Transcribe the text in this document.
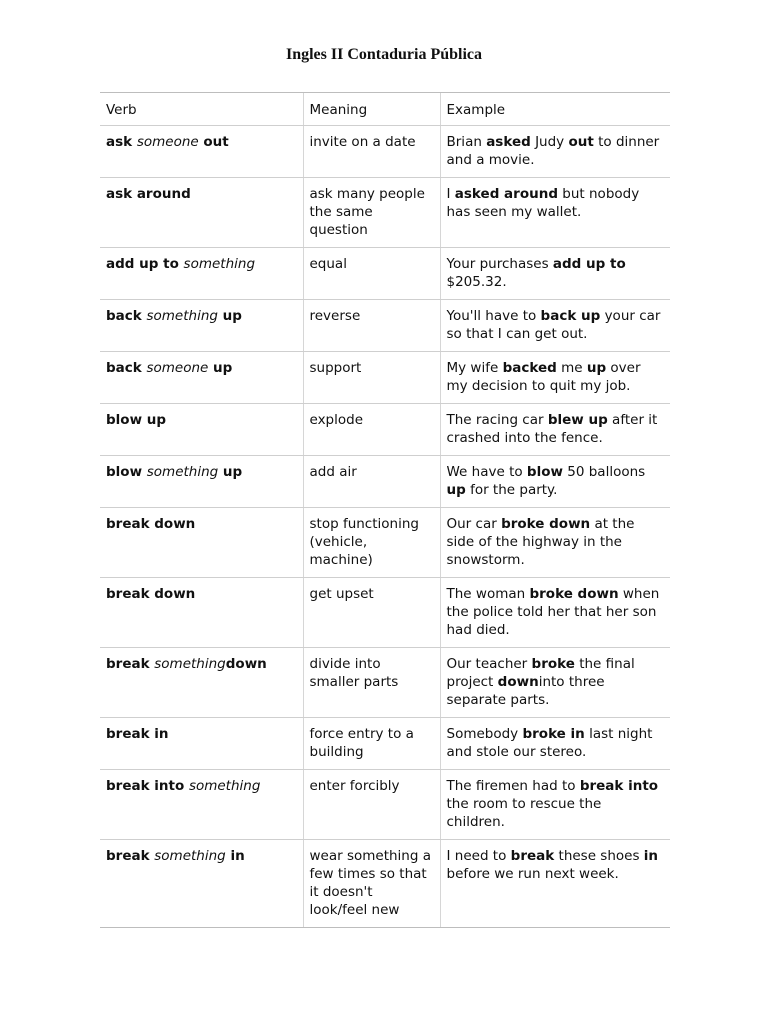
Ingles II Contaduria Pública
Verb	Meaning	Example
ask someone out	invite on a date	Brian asked Judy out to dinner and a movie.
ask around	ask many people the same question	I asked around but nobody has seen my wallet.
add up to something	equal	Your purchases add up to $205.32.
back something up	reverse	You'll have to back up your car so that I can get out.
back someone up	support	My wife backed me up over my decision to quit my job.
blow up	explode	The racing car blew up after it crashed into the fence.
blow something up	add air	We have to blow 50 balloons up for the party.
break down	stop functioning (vehicle, machine)	Our car broke down at the side of the highway in the snowstorm.
break down	get upset	The woman broke down when the police told her that her son had died.
break somethingdown	divide into smaller parts	Our teacher broke the final project downinto three separate parts.
break in	force entry to a building	Somebody broke in last night and stole our stereo.
break into something	enter forcibly	The firemen had to break into the room to rescue the children.
break something in	wear something a few times so that it doesn't look/feel new	I need to break these shoes in before we run next week.
